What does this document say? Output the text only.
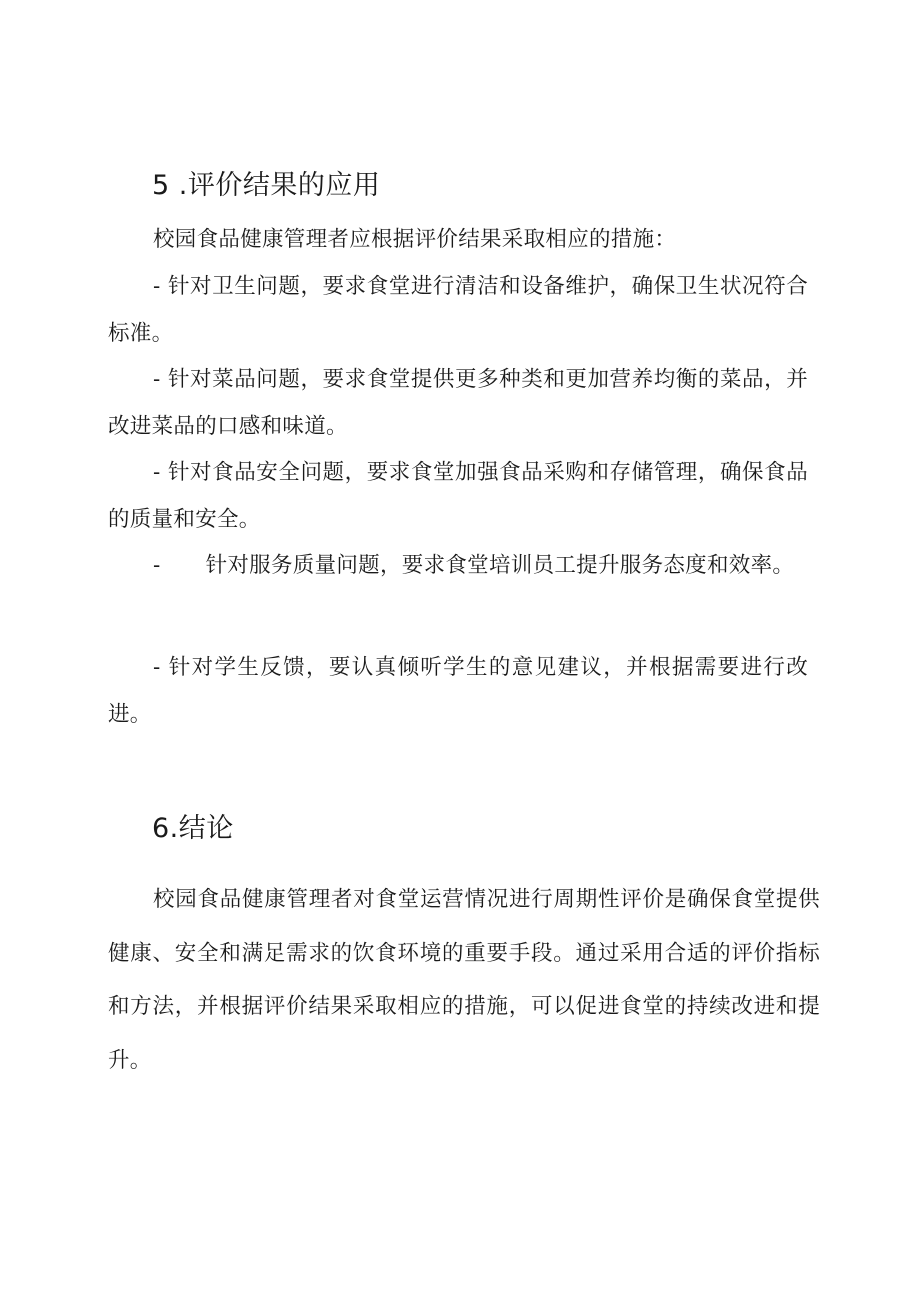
5 .评价结果的应用

校园食品健康管理者应根据评价结果采取相应的措施：

- 针对卫生问题，要求食堂进行清洁和设备维护，确保卫生状况符合标准。

- 针对菜品问题，要求食堂提供更多种类和更加营养均衡的菜品，并改进菜品的口感和味道。

- 针对食品安全问题，要求食堂加强食品采购和存储管理，确保食品的质量和安全。

- 针对服务质量问题，要求食堂培训员工提升服务态度和效率。

- 针对学生反馈，要认真倾听学生的意见建议，并根据需要进行改进。

6.结论

校园食品健康管理者对食堂运营情况进行周期性评价是确保食堂提供健康、安全和满足需求的饮食环境的重要手段。通过采用合适的评价指标和方法，并根据评价结果采取相应的措施，可以促进食堂的持续改进和提升。
